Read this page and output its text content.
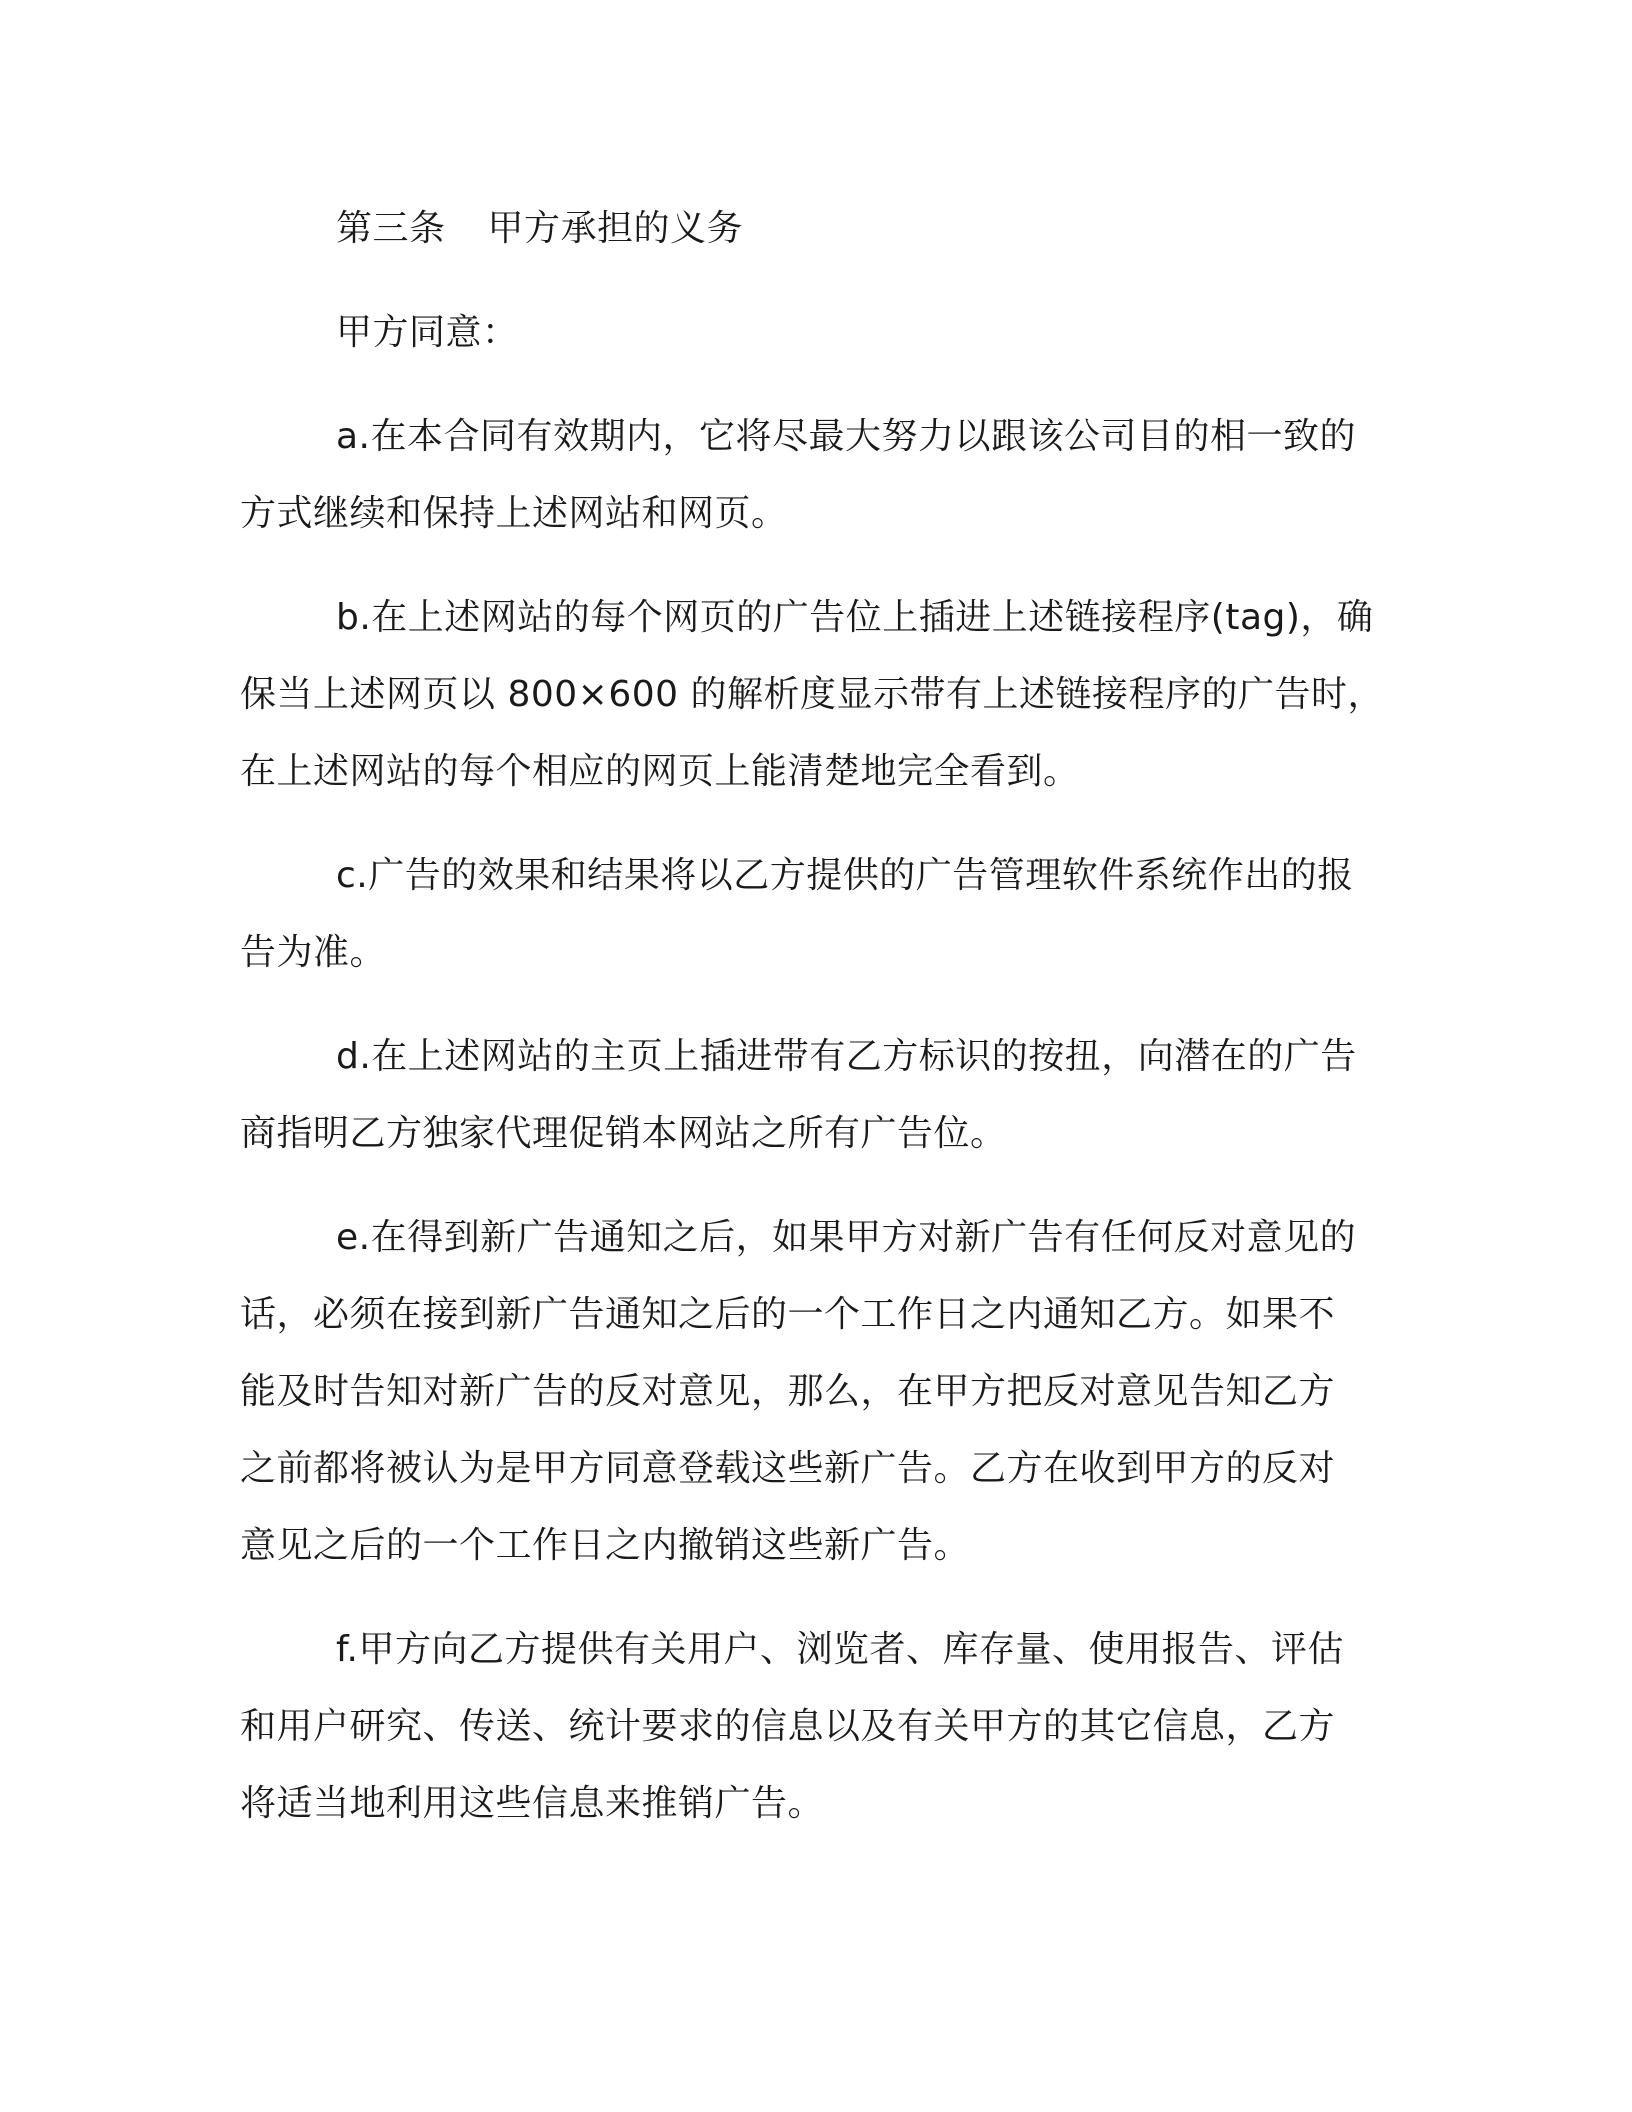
第三条 甲方承担的义务
甲方同意：
a.在本合同有效期内，它将尽最大努力以跟该公司目的相一致的
方式继续和保持上述网站和网页。
b.在上述网站的每个网页的广告位上插进上述链接程序(tag)，确
保当上述网页以 800×600 的解析度显示带有上述链接程序的广告时，
在上述网站的每个相应的网页上能清楚地完全看到。
c.广告的效果和结果将以乙方提供的广告管理软件系统作出的报
告为准。
d.在上述网站的主页上插进带有乙方标识的按扭，向潜在的广告
商指明乙方独家代理促销本网站之所有广告位。
e.在得到新广告通知之后，如果甲方对新广告有任何反对意见的
话，必须在接到新广告通知之后的一个工作日之内通知乙方。如果不
能及时告知对新广告的反对意见，那么，在甲方把反对意见告知乙方
之前都将被认为是甲方同意登载这些新广告。乙方在收到甲方的反对
意见之后的一个工作日之内撤销这些新广告。
f.甲方向乙方提供有关用户、浏览者、库存量、使用报告、评估
和用户研究、传送、统计要求的信息以及有关甲方的其它信息，乙方
将适当地利用这些信息来推销广告。
